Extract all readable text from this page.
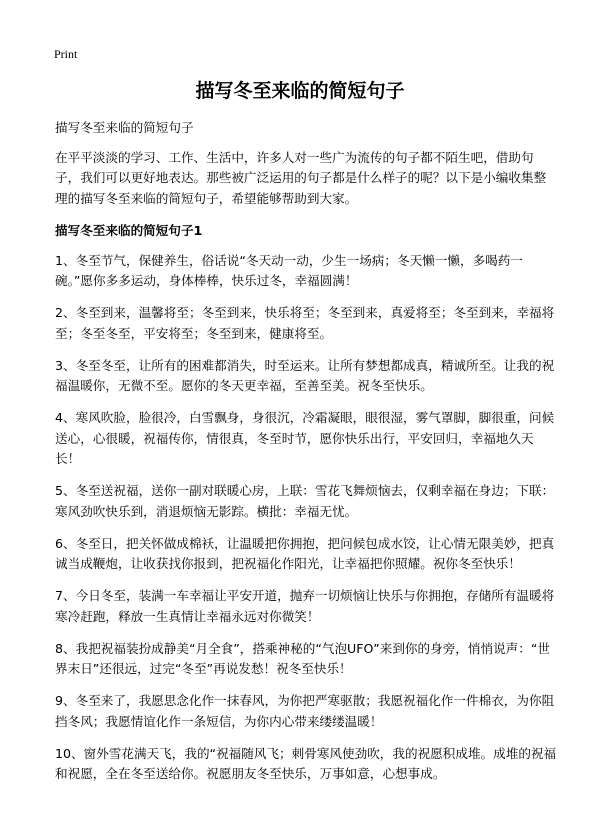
Print
描写冬至来临的简短句子

描写冬至来临的简短句子

在平平淡淡的学习、工作、生活中，许多人对一些广为流传的句子都不陌生吧，借助句子，我们可以更好地表达。那些被广泛运用的句子都是什么样子的呢？以下是小编收集整理的描写冬至来临的简短句子，希望能够帮助到大家。

描写冬至来临的简短句子1

1、冬至节气，保健养生，俗话说“冬天动一动，少生一场病；冬天懒一懒，多喝药一碗。”愿你多多运动，身体棒棒，快乐过冬，幸福圆满！

2、冬至到来，温馨将至；冬至到来，快乐将至；冬至到来，真爱将至；冬至到来，幸福将至；冬至冬至，平安将至；冬至到来，健康将至。

3、冬至冬至，让所有的困难都消失，时至运来。让所有梦想都成真，精诚所至。让我的祝福温暖你，无微不至。愿你的冬天更幸福，至善至美。祝冬至快乐。

4、寒风吹脸，脸很冷，白雪飘身，身很沉，冷霜凝眼，眼很湿，雾气罩脚，脚很重，问候送心，心很暖，祝福传你，情很真，冬至时节，愿你快乐出行，平安回归，幸福地久天长！

5、冬至送祝福，送你一副对联暖心房，上联：雪花飞舞烦恼去，仅剩幸福在身边；下联：寒风劲吹快乐到，消退烦恼无影踪。横批：幸福无忧。

6、冬至日，把关怀做成棉袄，让温暖把你拥抱，把问候包成水饺，让心情无限美妙，把真诚当成鞭炮，让收获找你报到，把祝福化作阳光，让幸福把你照耀。祝你冬至快乐！

7、今日冬至，装满一车幸福让平安开道，抛弃一切烦恼让快乐与你拥抱，存储所有温暖将寒冷赶跑，释放一生真情让幸福永远对你微笑！

8、我把祝福装扮成静美“月全食”，搭乘神秘的“气泡UFO”来到你的身旁，悄悄说声：“世界末日”还很远，过完“冬至”再说发愁！祝冬至快乐！

9、冬至来了，我愿思念化作一抹春风，为你把严寒驱散；我愿祝福化作一件棉衣，为你阻挡冬风；我愿情谊化作一条短信，为你内心带来缕缕温暖！

10、窗外雪花满天飞，我的“祝福随风飞；刺骨寒风使劲吹，我的祝愿积成堆。成堆的祝福和祝愿，全在冬至送给你。祝愿朋友冬至快乐，万事如意，心想事成。
